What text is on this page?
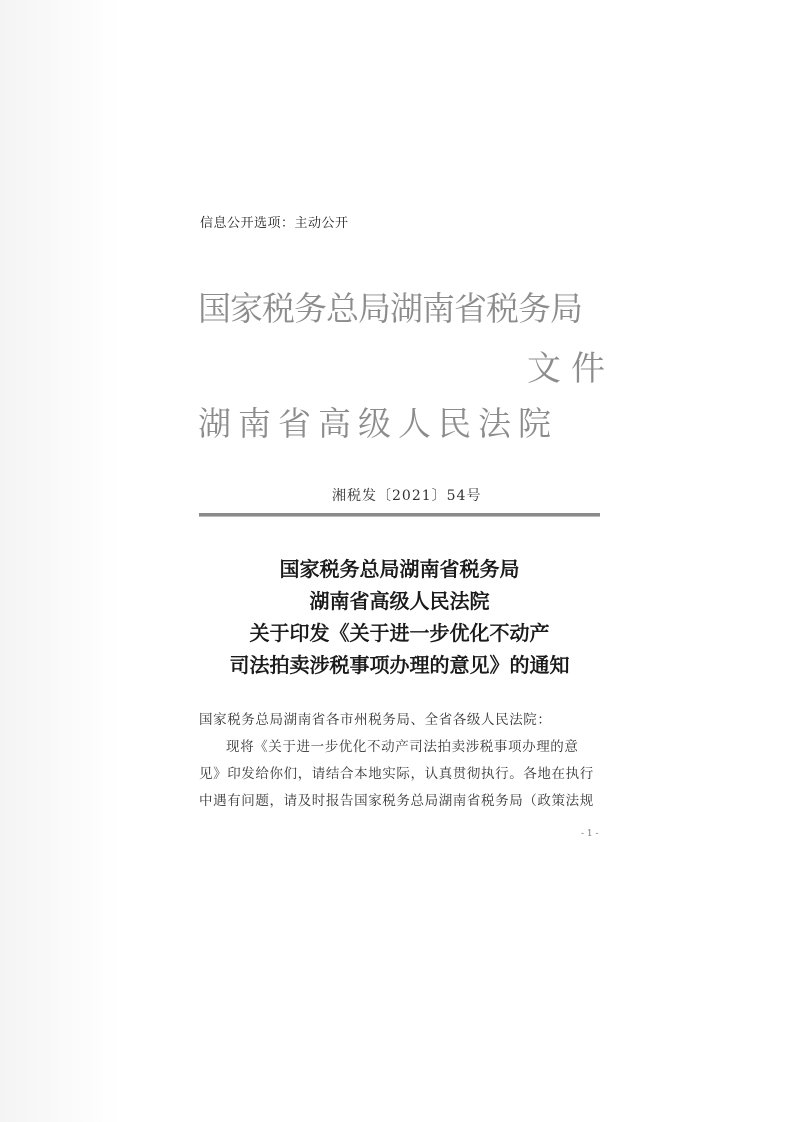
信息公开选项：主动公开
国家税务总局湖南省税务局
文件
湖南省高级人民法院
湘税发〔2021〕54号
国家税务总局湖南省税务局
湖南省高级人民法院
关于印发《关于进一步优化不动产
司法拍卖涉税事项办理的意见》的通知
国家税务总局湖南省各市州税务局、全省各级人民法院：
现将《关于进一步优化不动产司法拍卖涉税事项办理的意
见》印发给你们，请结合本地实际，认真贯彻执行。各地在执行
中遇有问题，请及时报告国家税务总局湖南省税务局（政策法规
- 1 -
